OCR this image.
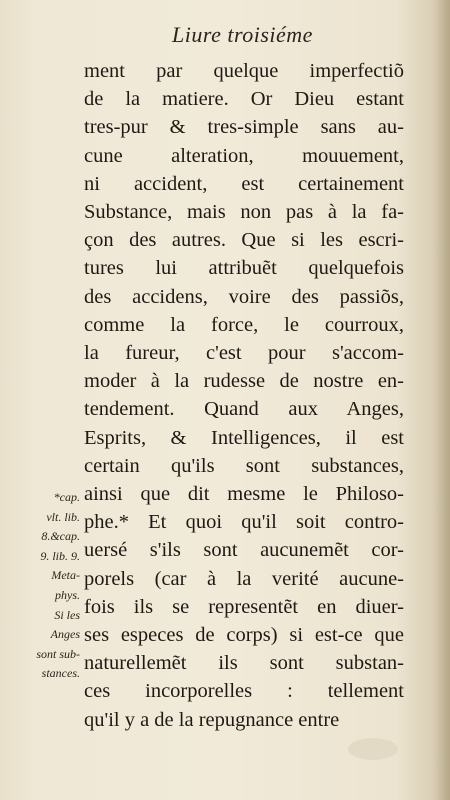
Liure troisiéme
ment par quelque imperfectiõ
de la matiere. Or Dieu estant
tres-pur & tres-simple sans au-
cune alteration, mouuement,
ni accident, est certainement
Substance, mais non pas à la fa-
çon des autres. Que si les escri-
tures lui attribuẽt quelquefois
des accidens, voire des passiõs,
comme la force, le courroux,
la fureur, c'est pour s'accom-
moder à la rudesse de nostre en-
tendement. Quand aux Anges,
Esprits, & Intelligences, il est
certain qu'ils sont substances,
ainsi que dit mesme le Philoso-
phe.* Et quoi qu'il soit contro-
uersé s'ils sont aucunemẽt cor-
porels (car à la verité aucune-
fois ils se representẽt en diuer-
ses especes de corps) si est-ce que
naturellemẽt ils sont substan-
ces incorporelles : tellement
qu'il y a de la repugnance entre
*cap.
vlt. lib.
8.&cap.
9. lib. 9.
Meta-
phys.
Si les
Anges
sont sub-
stances.
